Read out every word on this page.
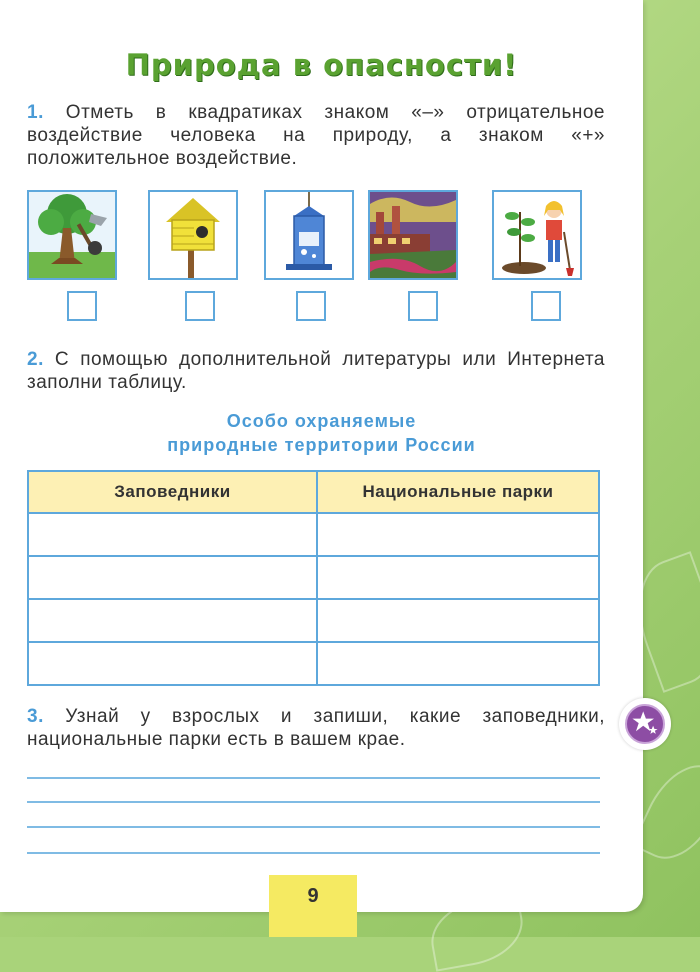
Природа в опасности!
1. Отметь в квадратиках знаком «–» отрицательное воздействие человека на природу, а знаком «+» положительное воздействие.
2. С помощью дополнительной литературы или Интернета заполни таблицу.
Особо охраняемые
природные территории России
Заповедники	Национальные парки

3. Узнай у взрослых и запиши, какие заповедники, национальные парки есть в вашем крае.
9
